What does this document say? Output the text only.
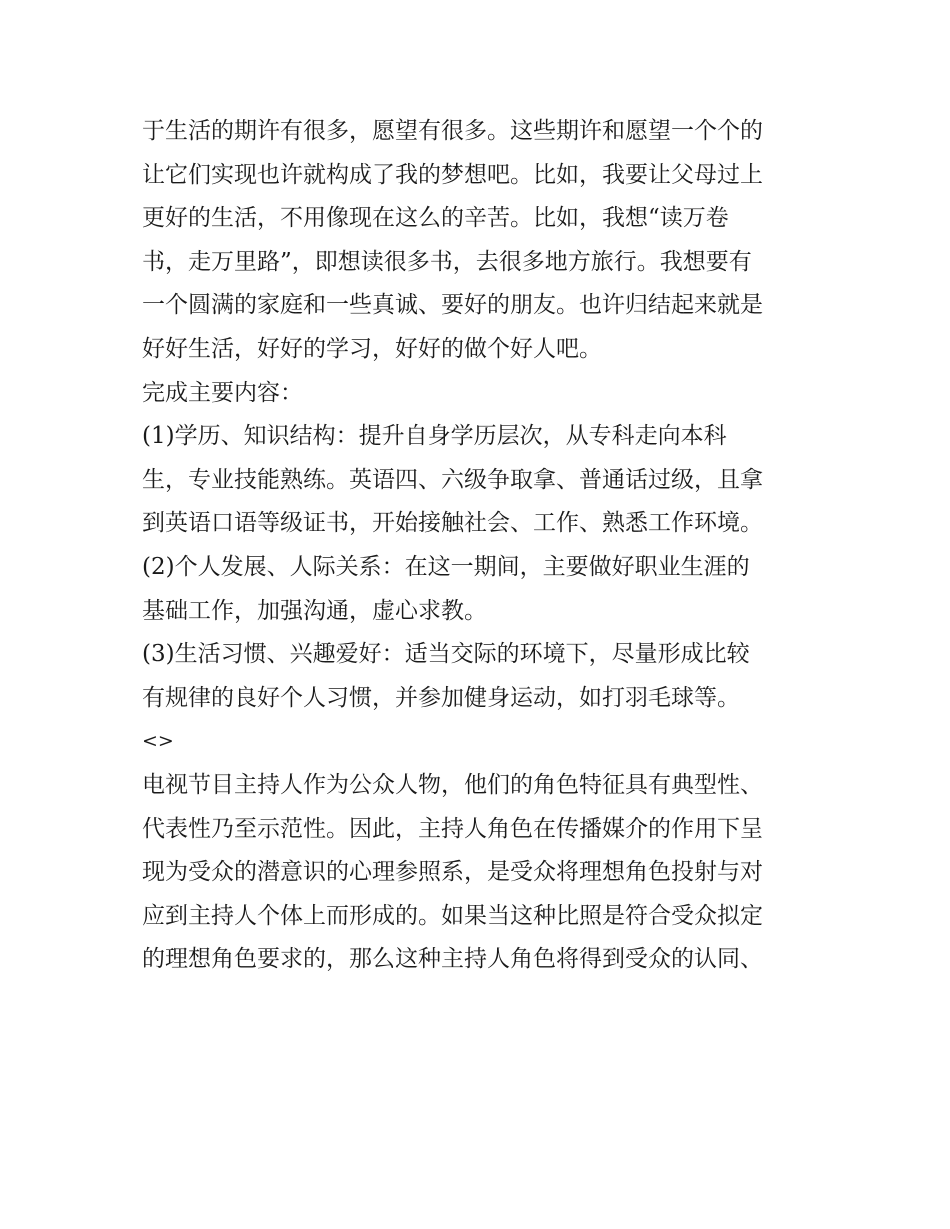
于生活的期许有很多，愿望有很多。这些期许和愿望一个个的
让它们实现也许就构成了我的梦想吧。比如，我要让父母过上
更好的生活，不用像现在这么的辛苦。比如，我想“读万卷
书，走万里路”，即想读很多书，去很多地方旅行。我想要有
一个圆满的家庭和一些真诚、要好的朋友。也许归结起来就是
好好生活，好好的学习，好好的做个好人吧。
完成主要内容：
(1)学历、知识结构：提升自身学历层次，从专科走向本科
生，专业技能熟练。英语四、六级争取拿、普通话过级，且拿
到英语口语等级证书，开始接触社会、工作、熟悉工作环境。
(2)个人发展、人际关系：在这一期间，主要做好职业生涯的
基础工作，加强沟通，虚心求教。
(3)生活习惯、兴趣爱好：适当交际的环境下，尽量形成比较
有规律的良好个人习惯，并参加健身运动，如打羽毛球等。
<>
电视节目主持人作为公众人物，他们的角色特征具有典型性、
代表性乃至示范性。因此，主持人角色在传播媒介的作用下呈
现为受众的潜意识的心理参照系，是受众将理想角色投射与对
应到主持人个体上而形成的。如果当这种比照是符合受众拟定
的理想角色要求的，那么这种主持人角色将得到受众的认同、
